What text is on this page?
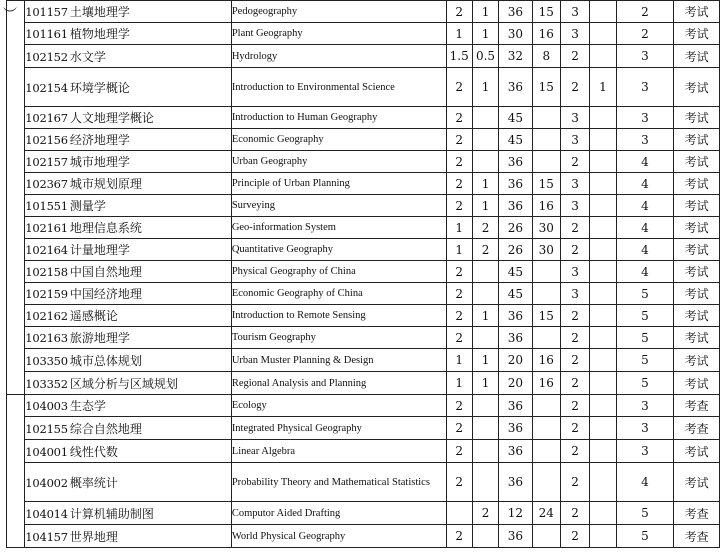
︶
	101157 土壤地理学	Pedogeography	2	1	36	15	3		2	考试
	101161 植物地理学	Plant Geography	1	1	30	16	3		2	考试
	102152 水文学	Hydrology	1.5	0.5	32	8	2		3	考试
	102154 环境学概论	Introduction to Environmental Science	2	1	36	15	2	1	3	考试
	102167 人文地理学概论	Introduction to Human Geography	2		45		3		3	考试
	102156 经济地理学	Economic Geography	2		45		3		3	考试
	102157 城市地理学	Urban Geography	2		36		2		4	考试
	102367 城市规划原理	Principle of Urban Planning	2	1	36	15	3		4	考试
	101551 测量学	Surveying	2	1	36	16	3		4	考试
	102161 地理信息系统	Geo-information System	1	2	26	30	2		4	考试
	102164 计量地理学	Quantitative Geography	1	2	26	30	2		4	考试
	102158 中国自然地理	Physical Geography of China	2		45		3		4	考试
	102159 中国经济地理	Economic Geography of China	2		45		3		5	考试
	102162 遥感概论	Introduction to Remote Sensing	2	1	36	15	2		5	考试
	102163 旅游地理学	Tourism Geography	2		36		2		5	考试
	103350 城市总体规划	Urban Muster Planning & Design	1	1	20	16	2		5	考试
	103352 区域分析与区域规划	Regional Analysis and Planning	1	1	20	16	2		5	考试
	104003 生态学	Ecology	2		36		2		3	考查
	102155 综合自然地理	Integrated Physical Geography	2		36		2		3	考查
	104001 线性代数	Linear Algebra	2		36		2		3	考试
	104002 概率统计	Probability Theory and Mathematical Statistics	2		36		2		4	考试
	104014 计算机辅助制图	Computor Aided Drafting		2	12	24	2		5	考查
	104157 世界地理	World Physical Geography	2		36		2		5	考查
